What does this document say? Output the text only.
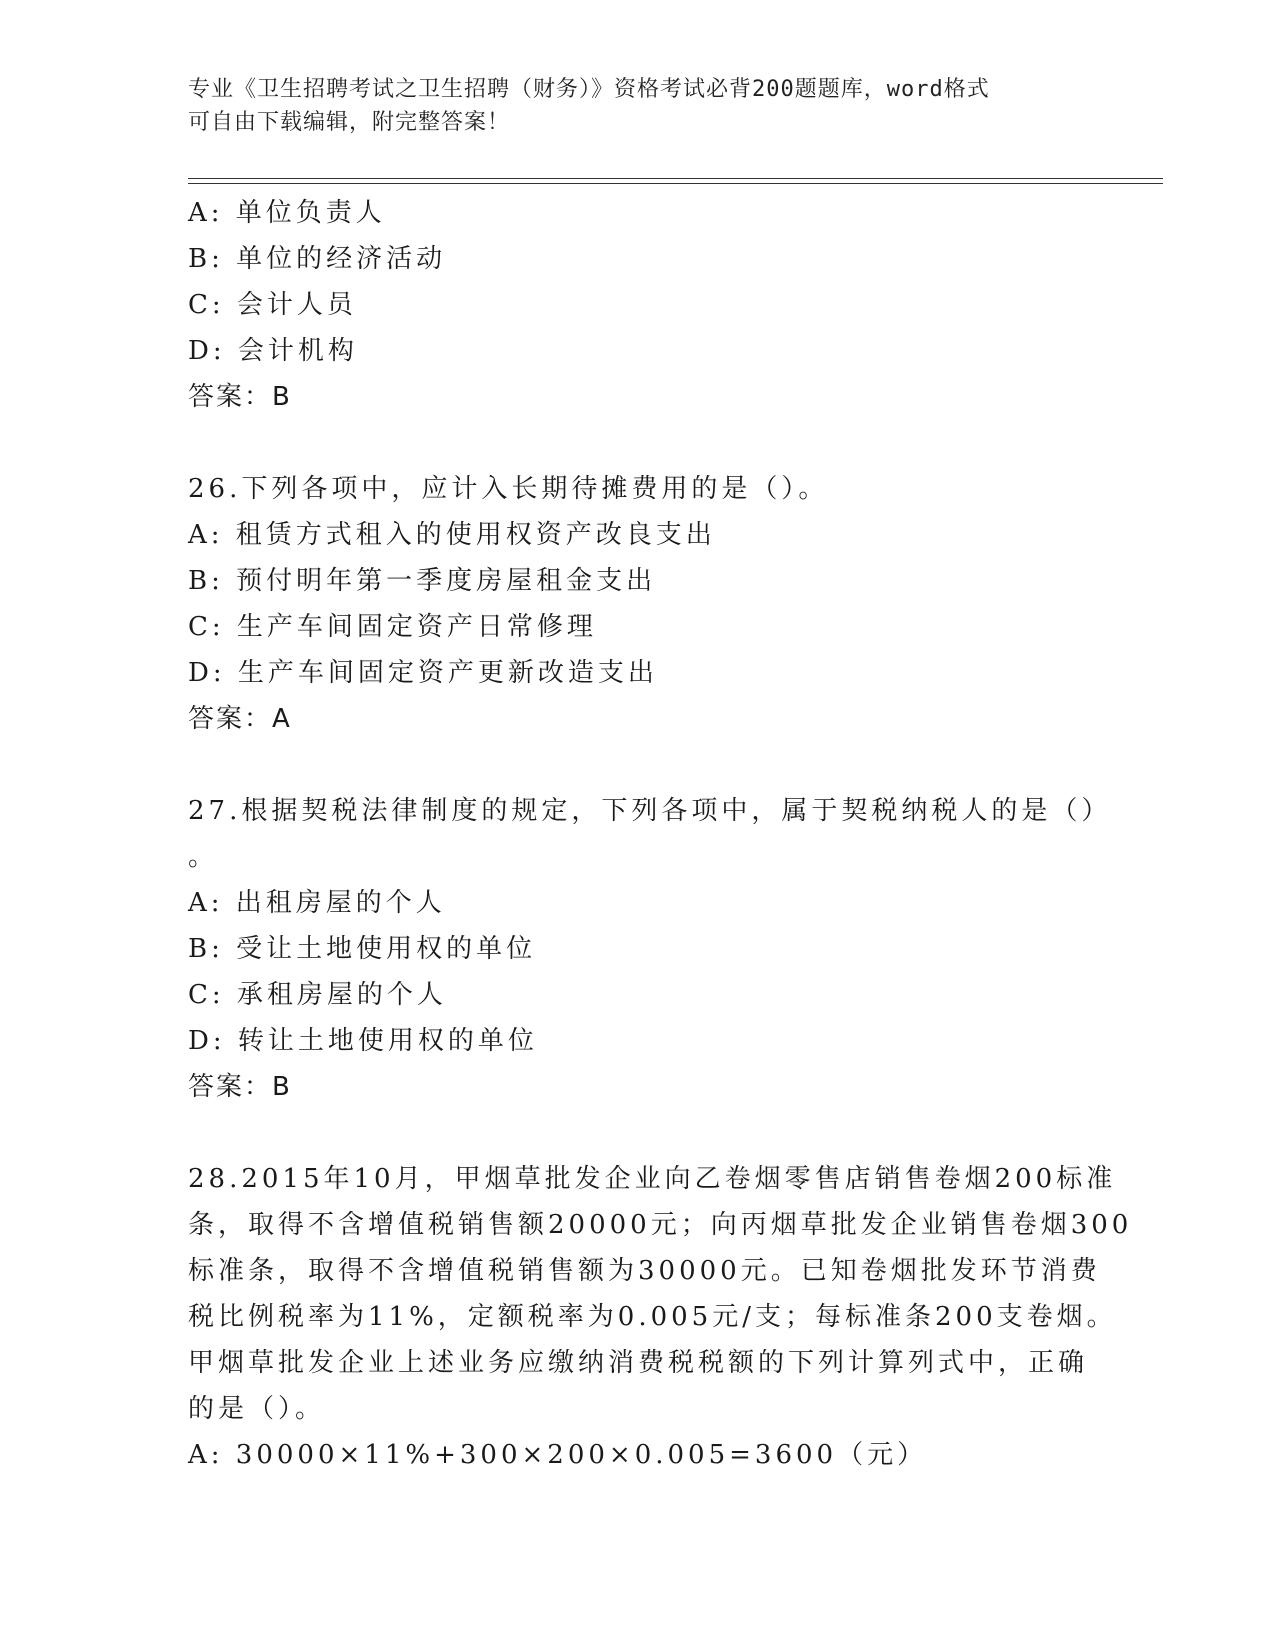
专业《卫生招聘考试之卫生招聘（财务）》资格考试必背200题题库，word格式
可自由下载编辑，附完整答案！
A: 单位负责人
B: 单位的经济活动
C: 会计人员
D: 会计机构
答案：B
26.下列各项中，应计入长期待摊费用的是（）。
A: 租赁方式租入的使用权资产改良支出
B: 预付明年第一季度房屋租金支出
C: 生产车间固定资产日常修理
D: 生产车间固定资产更新改造支出
答案：A
27.根据契税法律制度的规定，下列各项中，属于契税纳税人的是（）
。
A: 出租房屋的个人
B: 受让土地使用权的单位
C: 承租房屋的个人
D: 转让土地使用权的单位
答案：B
28.2015年10月，甲烟草批发企业向乙卷烟零售店销售卷烟200标准
条，取得不含增值税销售额20000元；向丙烟草批发企业销售卷烟300
标准条，取得不含增值税销售额为30000元。已知卷烟批发环节消费
税比例税率为11%，定额税率为0.005元/支；每标准条200支卷烟。
甲烟草批发企业上述业务应缴纳消费税税额的下列计算列式中，正确
的是（）。
A: 30000×11%+300×200×0.005=3600（元）
